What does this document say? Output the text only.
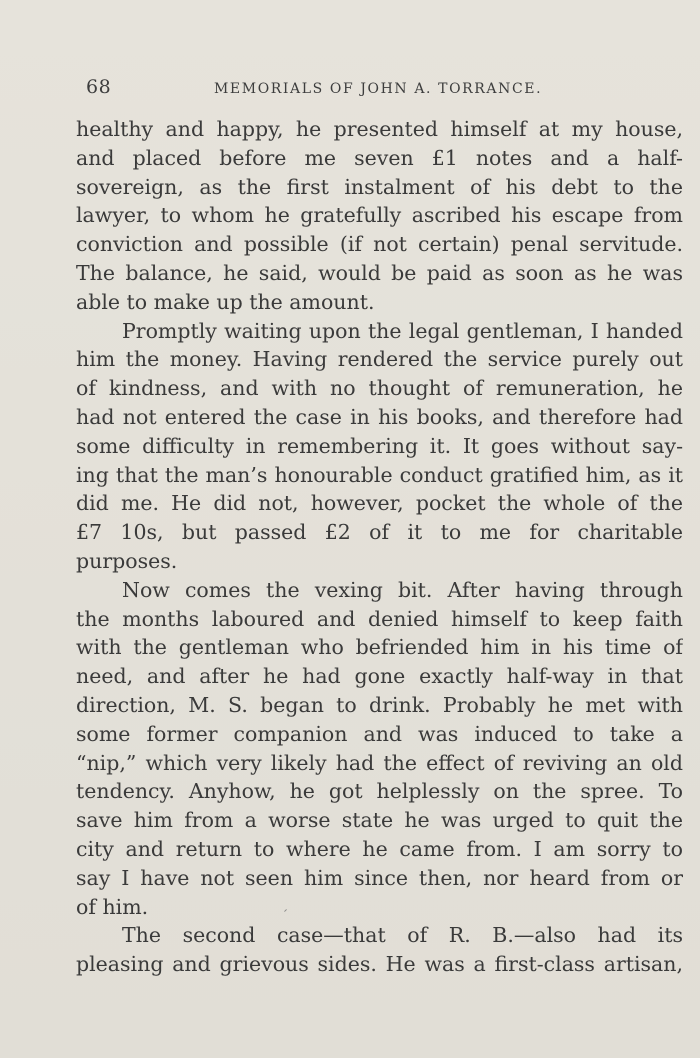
68	MEMORIALS OF JOHN A. TORRANCE.
healthy and happy, he presented himself at my house,
and placed before me seven £1 notes and a half-
sovereign, as the first instalment of his debt to the
lawyer, to whom he gratefully ascribed his escape from
conviction and possible (if not certain) penal servitude.
The balance, he said, would be paid as soon as he was
able to make up the amount.
Promptly waiting upon the legal gentleman, I handed
him the money. Having rendered the service purely out
of kindness, and with no thought of remuneration, he
had not entered the case in his books, and therefore had
some difficulty in remembering it. It goes without say-
ing that the man’s honourable conduct gratified him, as it
did me. He did not, however, pocket the whole of the
£7 10s, but passed £2 of it to me for charitable
purposes.
Now comes the vexing bit. After having through
the months laboured and denied himself to keep faith
with the gentleman who befriended him in his time of
need, and after he had gone exactly half-way in that
direction, M. S. began to drink. Probably he met with
some former companion and was induced to take a
“nip,” which very likely had the effect of reviving an old
tendency. Anyhow, he got helplessly on the spree. To
save him from a worse state he was urged to quit the
city and return to where he came from. I am sorry to
say I have not seen him since then, nor heard from or
of him.
The second case—that of R. B.—also had its
pleasing and grievous sides. He was a first-class artisan,
